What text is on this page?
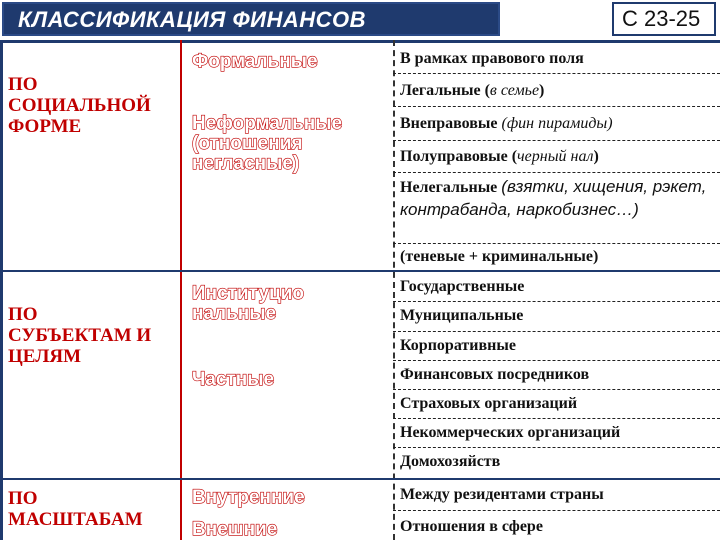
КЛАССИФИКАЦИЯ ФИНАНСОВ	С 23-25
ПО
СОЦИАЛЬНОЙ
ФОРМЕ
Формальные
Неформальные
(отношения
негласные)
В рамках правового поля
Легальные (в семье)
Внеправовые (фин пирамиды)
Полуправовые (черный нал)
Нелегальные (взятки, хищения, рэкет, контрабанда, наркобизнес…)
(теневые + криминальные)
ПО
СУБЪЕКТАМ И
ЦЕЛЯМ
Институцио
нальные
Частные
Государственные
Муниципальные
Корпоративные
Финансовых посредников
Страховых организаций
Некоммерческих организаций
Домохозяйств
ПО
МАСШТАБАМ
Внутренние
Внешние
Между резидентами страны
Отношения в сфере
